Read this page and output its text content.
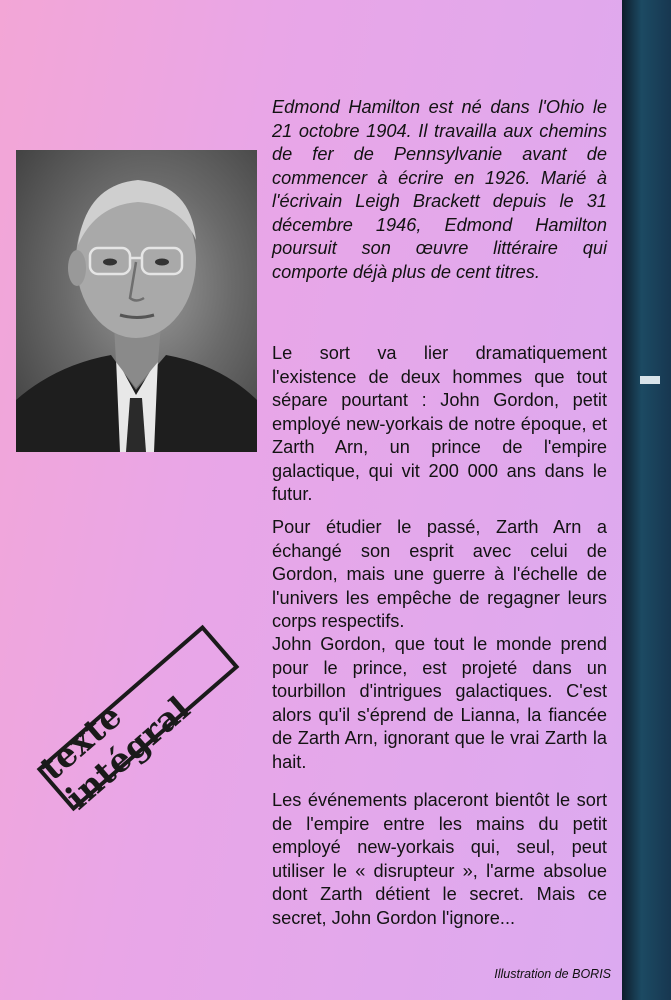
Edmond Hamilton est né dans l'Ohio le 21 octobre 1904. Il travailla aux chemins de fer de Pennsylvanie avant de commencer à écrire en 1926. Marié à l'écrivain Leigh Brackett depuis le 31 décembre 1946, Edmond Hamilton poursuit son œuvre littéraire qui comporte déjà plus de cent titres.

Le sort va lier dramatiquement l'existence de deux hommes que tout sépare pourtant : John Gordon, petit employé new-yorkais de notre époque, et Zarth Arn, un prince de l'empire galactique, qui vit 200 000 ans dans le futur.

Pour étudier le passé, Zarth Arn a échangé son esprit avec celui de Gordon, mais une guerre à l'échelle de l'univers les empêche de regagner leurs corps respectifs.

John Gordon, que tout le monde prend pour le prince, est projeté dans un tourbillon d'intrigues galactiques. C'est alors qu'il s'éprend de Lianna, la fiancée de Zarth Arn, ignorant que le vrai Zarth la hait.

Les événements placeront bientôt le sort de l'empire entre les mains du petit employé new-yorkais qui, seul, peut utiliser le « disrupteur », l'arme absolue dont Zarth détient le secret. Mais ce secret, John Gordon l'ignore...

texte intégral
Illustration de BORIS
